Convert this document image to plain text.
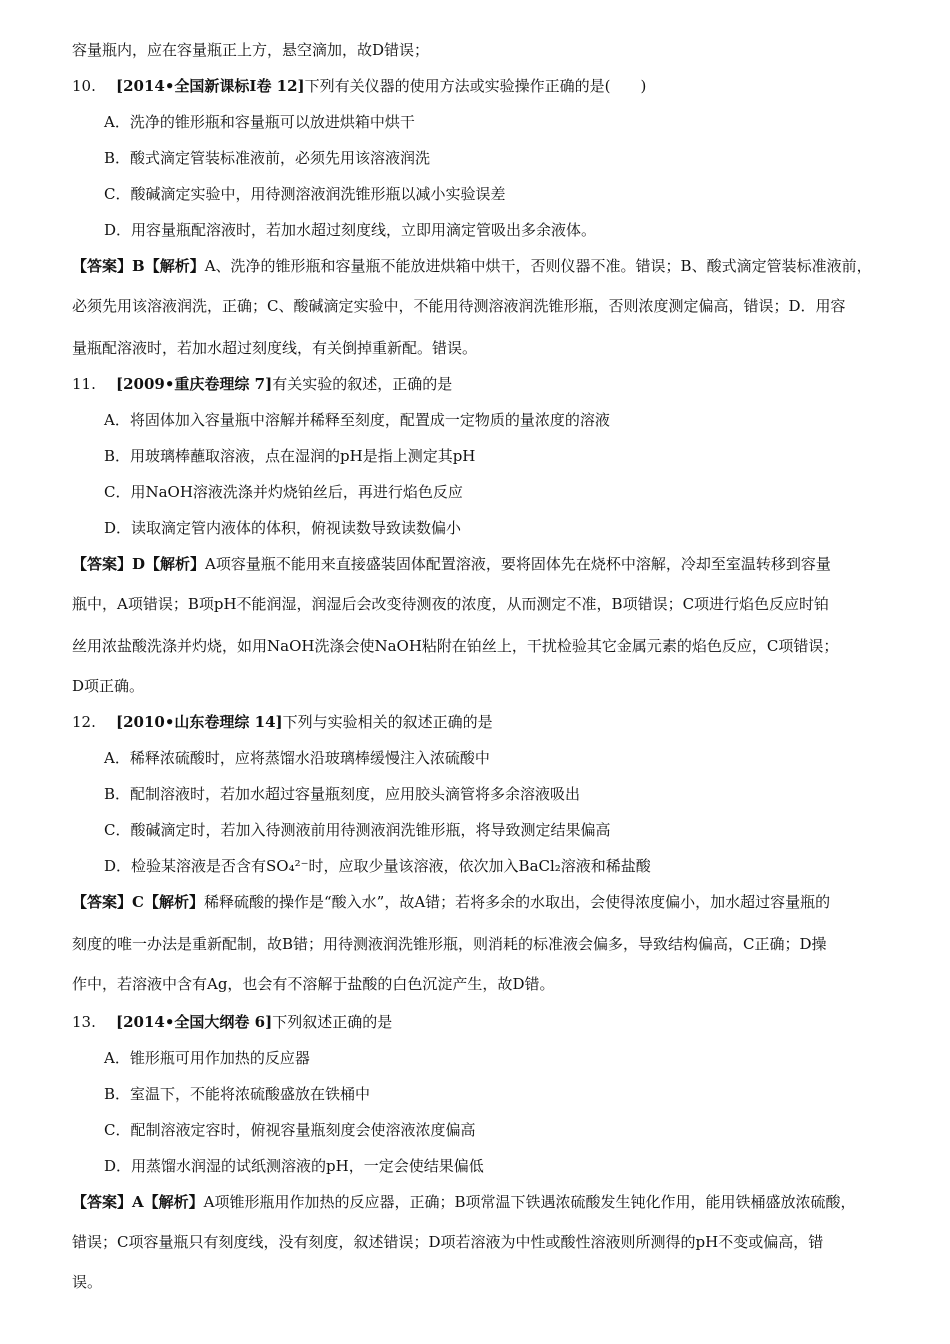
容量瓶内，应在容量瓶正上方，悬空滴加，故D错误；
10. [2014•全国新课标Ⅰ卷 12]下列有关仪器的使用方法或实验操作正确的是(　　)
A．洗净的锥形瓶和容量瓶可以放进烘箱中烘干
B．酸式滴定管装标准液前，必须先用该溶液润洗
C．酸碱滴定实验中，用待测溶液润洗锥形瓶以减小实验误差
D．用容量瓶配溶液时，若加水超过刻度线，立即用滴定管吸出多余液体。
【答案】B【解析】A、洗净的锥形瓶和容量瓶不能放进烘箱中烘干，否则仪器不准。错误；B、酸式滴定管装标准液前，
必须先用该溶液润洗，正确；C、酸碱滴定实验中，不能用待测溶液润洗锥形瓶，否则浓度测定偏高，错误；D．用容
量瓶配溶液时，若加水超过刻度线，有关倒掉重新配。错误。
11. [2009•重庆卷理综 7]有关实验的叙述，正确的是
A．将固体加入容量瓶中溶解并稀释至刻度，配置成一定物质的量浓度的溶液
B．用玻璃棒蘸取溶液，点在湿润的pH是指上测定其pH
C．用NaOH溶液洗涤并灼烧铂丝后，再进行焰色反应
D．读取滴定管内液体的体积，俯视读数导致读数偏小
【答案】D【解析】A项容量瓶不能用来直接盛装固体配置溶液，要将固体先在烧杯中溶解，冷却至室温转移到容量
瓶中，A项错误；B项pH不能润湿，润湿后会改变待测夜的浓度，从而测定不准，B项错误；C项进行焰色反应时铂
丝用浓盐酸洗涤并灼烧，如用NaOH洗涤会使NaOH粘附在铂丝上，干扰检验其它金属元素的焰色反应，C项错误；
D项正确。
12. [2010•山东卷理综 14]下列与实验相关的叙述正确的是
A．稀释浓硫酸时，应将蒸馏水沿玻璃棒缓慢注入浓硫酸中
B．配制溶液时，若加水超过容量瓶刻度，应用胶头滴管将多余溶液吸出
C．酸碱滴定时，若加入待测液前用待测液润洗锥形瓶，将导致测定结果偏高
D．检验某溶液是否含有SO₄²⁻时，应取少量该溶液，依次加入BaCl₂溶液和稀盐酸
【答案】C【解析】稀释硫酸的操作是“酸入水”，故A错；若将多余的水取出，会使得浓度偏小，加水超过容量瓶的
刻度的唯一办法是重新配制，故B错；用待测液润洗锥形瓶，则消耗的标准液会偏多，导致结构偏高，C正确；D操
作中，若溶液中含有Ag，也会有不溶解于盐酸的白色沉淀产生，故D错。
13. [2014•全国大纲卷 6]下列叙述正确的是
A．锥形瓶可用作加热的反应器
B．室温下，不能将浓硫酸盛放在铁桶中
C．配制溶液定容时，俯视容量瓶刻度会使溶液浓度偏高
D．用蒸馏水润湿的试纸测溶液的pH，一定会使结果偏低
【答案】A【解析】A项锥形瓶用作加热的反应器，正确；B项常温下铁遇浓硫酸发生钝化作用，能用铁桶盛放浓硫酸，
错误；C项容量瓶只有刻度线，没有刻度，叙述错误；D项若溶液为中性或酸性溶液则所测得的pH不变或偏高，错
误。
